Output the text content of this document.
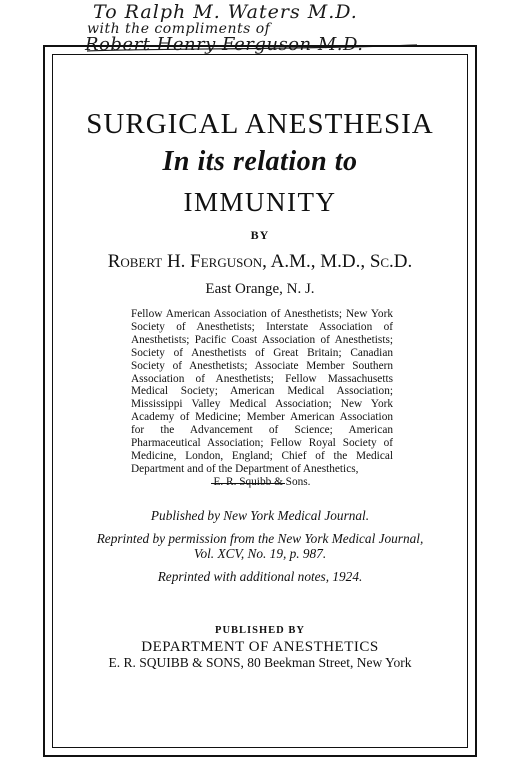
To Ralph M. Waters M.D.
with the compliments of
Robert Henry Ferguson M.D.
SURGICAL ANESTHESIA
In its relation to
IMMUNITY
BY
Robert H. Ferguson, A.M., M.D., Sc.D.
East Orange, N. J.
Fellow American Association of Anesthetists; New York Society of Anesthetists; Interstate Association of Anesthetists; Pacific Coast Association of Anesthetists; Society of Anesthetists of Great Britain; Canadian Society of Anesthetists; Associate Member Southern Association of Anesthetists; Fellow Massachusetts Medical Society; American Medical Association; Mississippi Valley Medical Association; New York Academy of Medicine; Member American Association for the Advancement of Science; American Pharmaceutical Association; Fellow Royal Society of Medicine, London, England; Chief of the Medical Department and of the Department of Anesthetics,
E. R. Squibb & Sons.
Published by New York Medical Journal.
Reprinted by permission from the New York Medical Journal,
Vol. XCV, No. 19, p. 987.
Reprinted with additional notes, 1924.
PUBLISHED BY
DEPARTMENT OF ANESTHETICS
E. R. SQUIBB & SONS, 80 Beekman Street, New York
